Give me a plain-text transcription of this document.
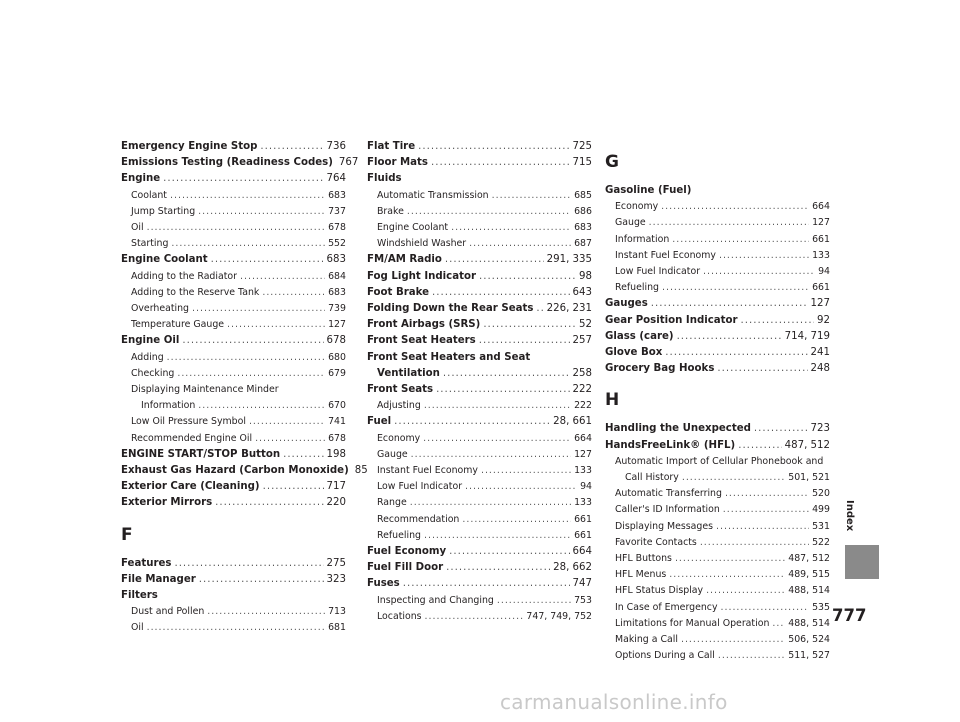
Emergency Engine Stop .....	736
Emissions Testing (Readiness Codes) 767
Engine .....	764
Coolant .....	683
Jump Starting .....	737
Oil .....	678
Starting .....	552
Engine Coolant .....	683
Adding to the Radiator .....	684
Adding to the Reserve Tank .....	683
Overheating .....	739
Temperature Gauge .....	127
Engine Oil .....	678
Adding .....	680
Checking .....	679
Displaying Maintenance Minder
Information .....	670
Low Oil Pressure Symbol .....	741
Recommended Engine Oil .....	678
ENGINE START/STOP Button .....	198
Exhaust Gas Hazard (Carbon Monoxide) 85
Exterior Care (Cleaning) .....	717
Exterior Mirrors .....	220
F
Features .....	275
File Manager .....	323
Filters
Dust and Pollen .....	713
Oil .....	681
Flat Tire .....	725
Floor Mats .....	715
Fluids
Automatic Transmission .....	685
Brake .....	686
Engine Coolant .....	683
Windshield Washer .....	687
FM/AM Radio .....	291, 335
Fog Light Indicator .....	98
Foot Brake .....	643
Folding Down the Rear Seats ..... 226, 231
Front Airbags (SRS) .....	52
Front Seat Heaters .....	257
Front Seat Heaters and Seat
Ventilation .....	258
Front Seats .....	222
Adjusting .....	222
Fuel .....	28, 661
Economy .....	664
Gauge .....	127
Instant Fuel Economy .....	133
Low Fuel Indicator .....	94
Range .....	133
Recommendation .....	661
Refueling .....	661
Fuel Economy .....	664
Fuel Fill Door .....	28, 662
Fuses .....	747
Inspecting and Changing .....	753
Locations .....	747, 749, 752
G
Gasoline (Fuel)
Economy .....	664
Gauge .....	127
Information .....	661
Instant Fuel Economy .....	133
Low Fuel Indicator .....	94
Refueling .....	661
Gauges .....	127
Gear Position Indicator .....	92
Glass (care) .....	714, 719
Glove Box .....	241
Grocery Bag Hooks .....	248
H
Handling the Unexpected .....	723
HandsFreeLink® (HFL) .....	487, 512
Automatic Import of Cellular Phonebook and
Call History .....	501, 521
Automatic Transferring .....	520
Caller's ID Information .....	499
Displaying Messages .....	531
Favorite Contacts .....	522
HFL Buttons .....	487, 512
HFL Menus .....	489, 515
HFL Status Display .....	488, 514
In Case of Emergency .....	535
Limitations for Manual Operation ..... 488, 514
Making a Call .....	506, 524
Options During a Call .....	511, 527
Index
777
carmanualsonline.info
